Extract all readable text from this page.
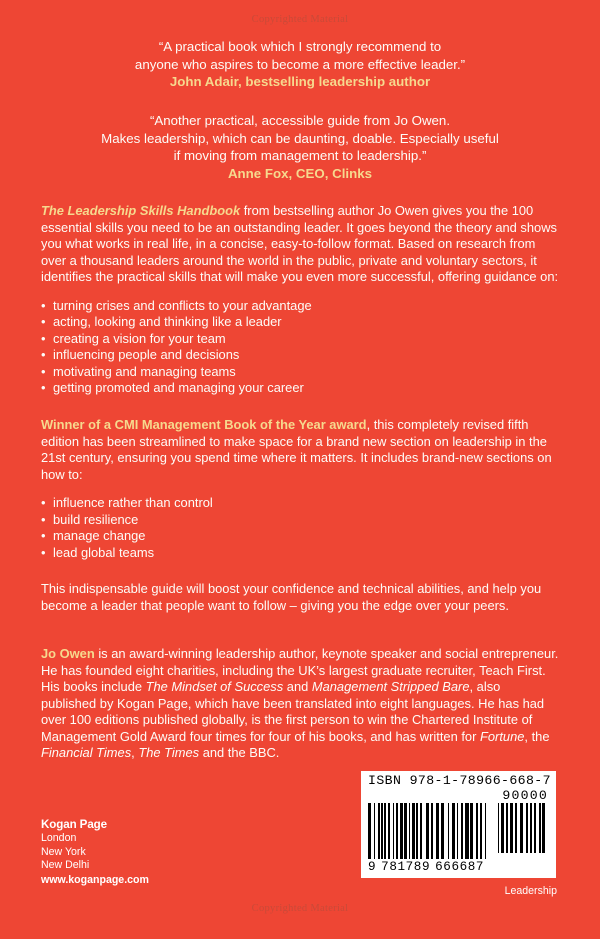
Copyrighted Material
“A practical book which I strongly recommend to
anyone who aspires to become a more effective leader.”
John Adair, bestselling leadership author
“Another practical, accessible guide from Jo Owen.
Makes leadership, which can be daunting, doable. Especially useful
if moving from management to leadership.”
Anne Fox, CEO, Clinks

The Leadership Skills Handbook from bestselling author Jo Owen gives you the 100 essential skills you need to be an outstanding leader. It goes beyond the theory and shows you what works in real life, in a concise, easy-to-follow format. Based on research from over a thousand leaders around the world in the public, private and voluntary sectors, it identifies the practical skills that will make you even more successful, offering guidance on:

• turning crises and conflicts to your advantage
• acting, looking and thinking like a leader
• creating a vision for your team
• influencing people and decisions
• motivating and managing teams
• getting promoted and managing your career

Winner of a CMI Management Book of the Year award, this completely revised fifth edition has been streamlined to make space for a brand new section on leadership in the 21st century, ensuring you spend time where it matters. It includes brand-new sections on how to:

• influence rather than control
• build resilience
• manage change
• lead global teams

This indispensable guide will boost your confidence and technical abilities, and help you become a leader that people want to follow – giving you the edge over your peers.

Jo Owen is an award-winning leadership author, keynote speaker and social entrepreneur. He has founded eight charities, including the UK’s largest graduate recruiter, Teach First. His books include The Mindset of Success and Management Stripped Bare, also published by Kogan Page, which have been translated into eight languages. He has had over 100 editions published globally, is the first person to win the Chartered Institute of Management Gold Award four times for four of his books, and has written for Fortune, the Financial Times, The Times and the BBC.

Kogan Page
London
New York
New Delhi
www.koganpage.com
ISBN 978-1-78966-668-7
90000
9 781789 666687
Leadership
Copyrighted Material
